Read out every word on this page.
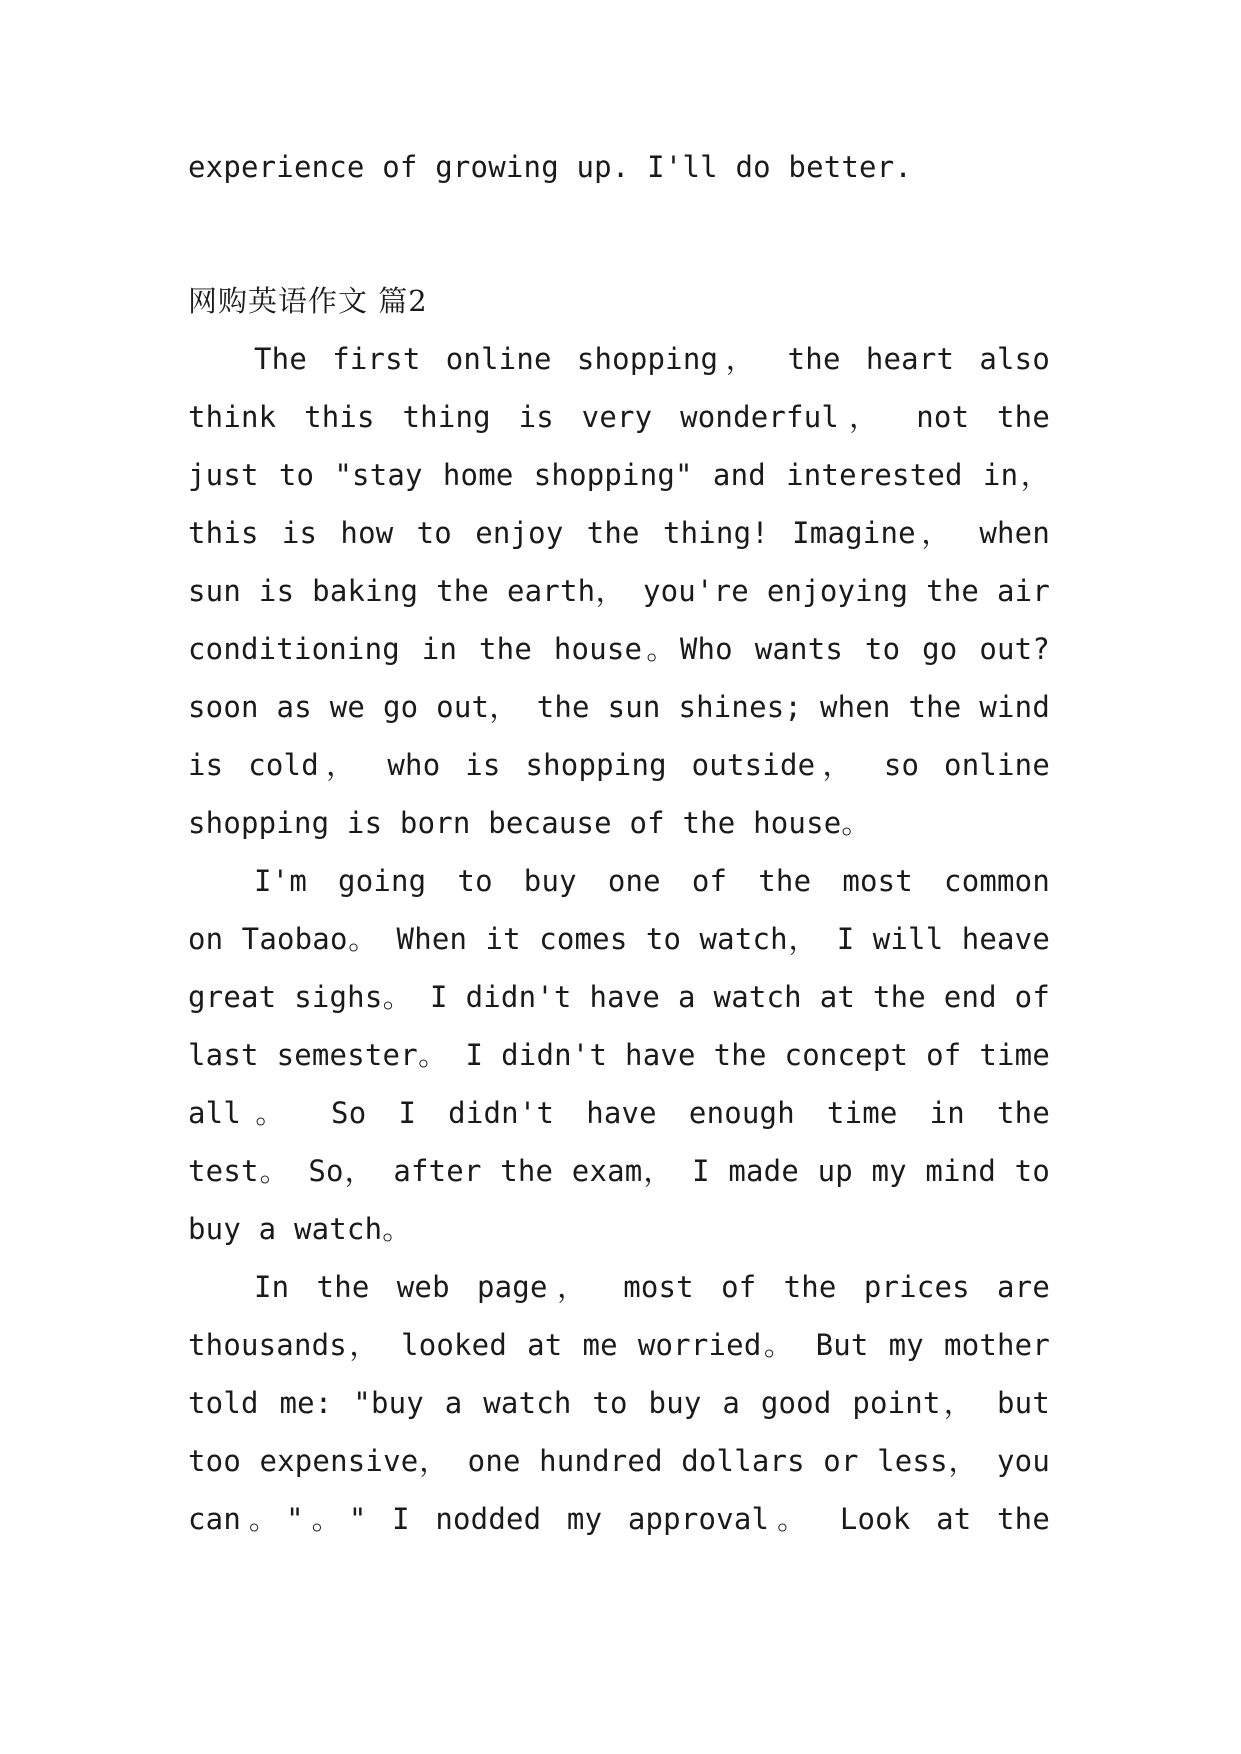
experience of growing up. I'll do better.
网购英语作文 篇2
The first online shopping， the heart also
think this thing is very wonderful， not the
just to "stay home shopping" and interested in，
this is how to enjoy the thing! Imagine， when
sun is baking the earth， you're enjoying the air
conditioning in the house。Who wants to go out?
soon as we go out， the sun shines; when the wind
is cold， who is shopping outside， so online
shopping is born because of the house。
I'm going to buy one of the most common
on Taobao。 When it comes to watch， I will heave
great sighs。 I didn't have a watch at the end of
last semester。 I didn't have the concept of time
all。 So I didn't have enough time in the
test。 So， after the exam， I made up my mind to
buy a watch。
In the web page， most of the prices are
thousands， looked at me worried。 But my mother
told me: "buy a watch to buy a good point， but
too expensive， one hundred dollars or less， you
can。"。" I nodded my approval。 Look at the
